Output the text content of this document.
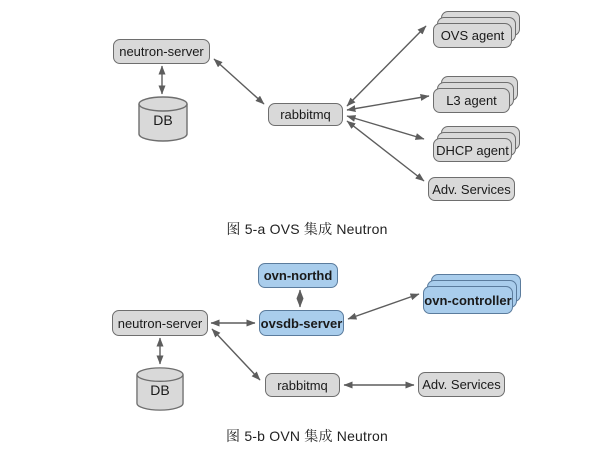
neutron-server
DB	rabbitmq
OVS agent
L3 agent
DHCP agent
Adv. Services
图 5-a OVS 集成 Neutron
neutron-server
DB
ovn-northd
ovsdb-server
rabbitmq
ovn-controller
Adv. Services
图 5-b OVN 集成 Neutron
